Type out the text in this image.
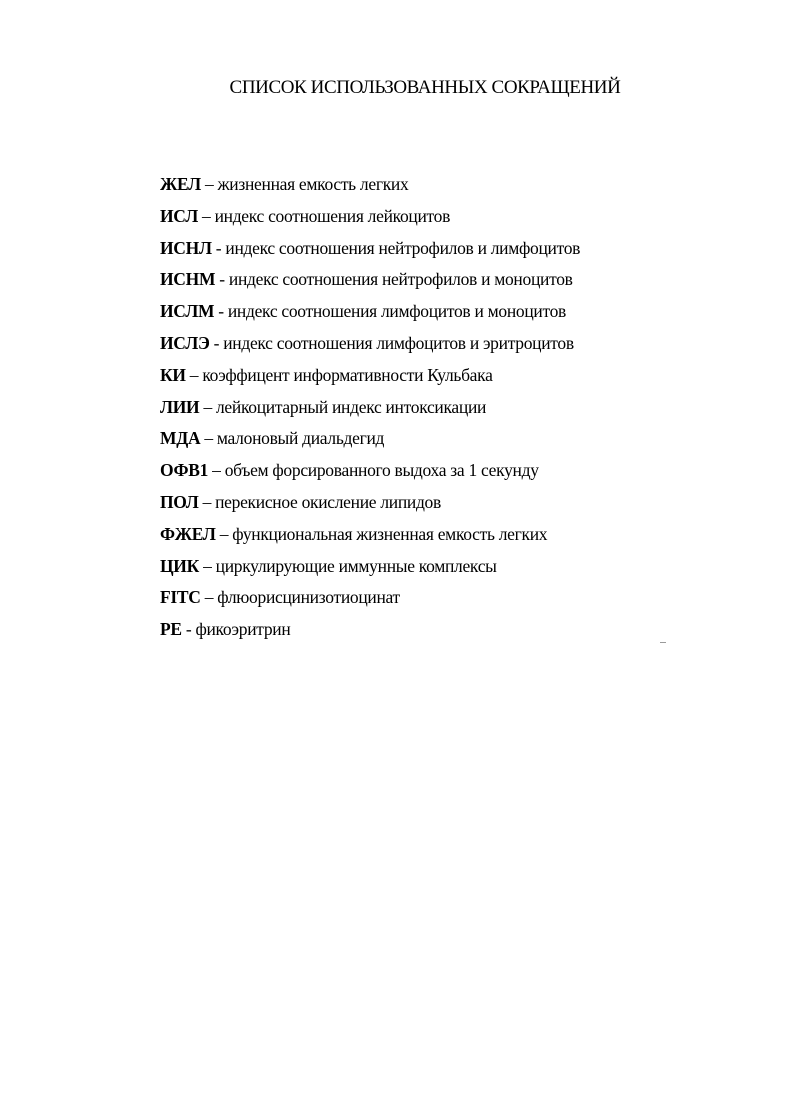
СПИСОК ИСПОЛЬЗОВАННЫХ СОКРАЩЕНИЙ
ЖЕЛ – жизненная емкость легких
ИСЛ – индекс соотношения лейкоцитов
ИСНЛ - индекс соотношения нейтрофилов и лимфоцитов
ИСНМ - индекс соотношения нейтрофилов и моноцитов
ИСЛМ - индекс соотношения лимфоцитов и моноцитов
ИСЛЭ - индекс соотношения лимфоцитов и эритроцитов
КИ – коэффицент информативности Кульбака
ЛИИ – лейкоцитарный индекс интоксикации
МДА – малоновый диальдегид
ОФВ1 – объем форсированного выдоха за 1 секунду
ПОЛ – перекисное окисление липидов
ФЖЕЛ – функциональная жизненная емкость легких
ЦИК – циркулирующие иммунные комплексы
FITC – флюорисцинизотиоцинат
PE - фикоэритрин
